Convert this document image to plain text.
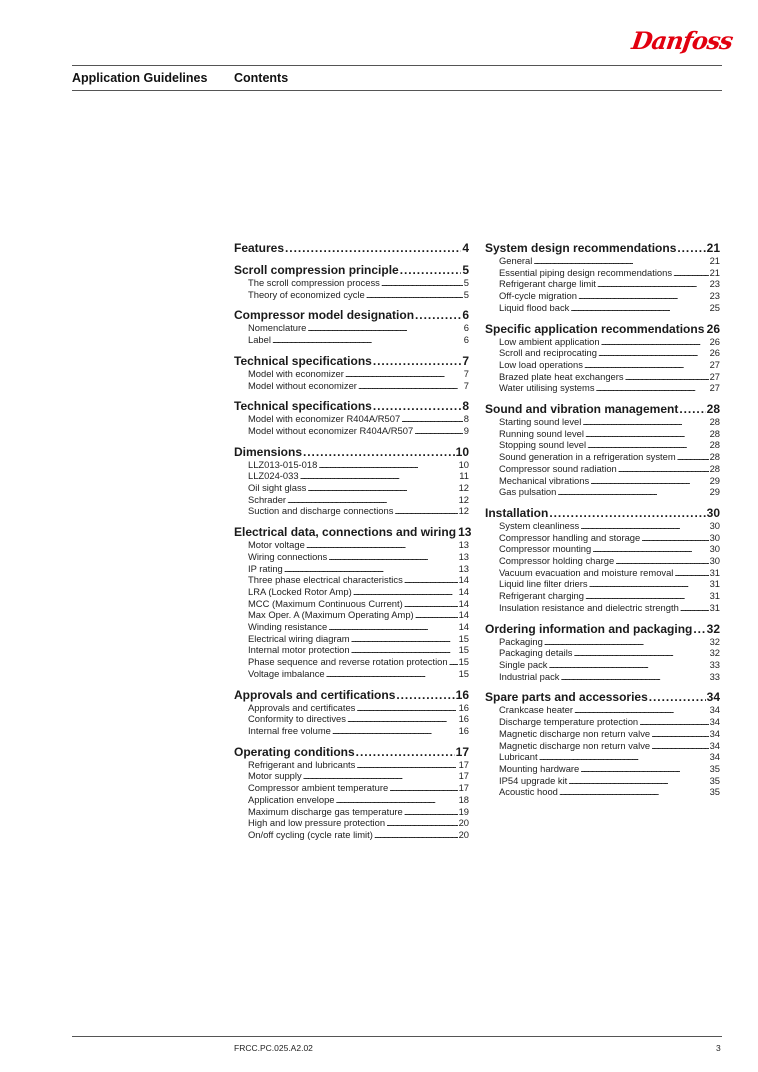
Danfoss
Application Guidelines Contents
Features . . .	4
Scroll compression principle . . .	5
The scroll compression process . . .	5
Theory of economized cycle . . .	5
Compressor model designation . . .	6
Nomenclature . . .	6
Label . . .	6
Technical specifications . . .	7
Model with economizer . . .	7
Model without economizer . . .	7
Technical specifications . . .	8
Model with economizer R404A/R507 . . .	8
Model without economizer R404A/R507 . . .	9
Dimensions . . .	10
LLZ013-015-018 . . .	10
LLZ024-033 . . .	11
Oil sight glass . . .	12
Schrader . . .	12
Suction and discharge connections . . .	12
Electrical data, connections and wiring 13
Motor voltage . . .	13
Wiring connections . . .	13
IP rating . . .	13
Three phase electrical characteristics . . .	14
LRA (Locked Rotor Amp) . . .	14
MCC (Maximum Continuous Current) . . .	14
Max Oper. A (Maximum Operating Amp) . . .	14
Winding resistance . . .	14
Electrical wiring diagram . . .	15
Internal motor protection . . .	15
Phase sequence and reverse rotation protection . . . 15
Voltage imbalance . . .	15
Approvals and certifications . . .	16
Approvals and certificates . . .	16
Conformity to directives . . .	16
Internal free volume . . .	16
Operating conditions . . .	17
Refrigerant and lubricants . . .	17
Motor supply . . .	17
Compressor ambient temperature . . .	17
Application envelope . . .	18
Maximum discharge gas temperature . . .	19
High and low pressure protection . . .	20
On/off cycling (cycle rate limit) . . .	20
System design recommendations . . .	21
General . . .	21
Essential piping design recommendations . . .	21
Refrigerant charge limit . . .	23
Off-cycle migration . . .	23
Liquid flood back . . .	25
Specific application recommendations . . . 26
Low ambient application . . .	26
Scroll and reciprocating . . .	26
Low load operations . . .	27
Brazed plate heat exchangers . . .	27
Water utilising systems . . .	27
Sound and vibration management . . . 28
Starting sound level . . .	28
Running sound level . . .	28
Stopping sound level . . .	28
Sound generation in a refrigeration system . . .	28
Compressor sound radiation . . .	28
Mechanical vibrations . . .	29
Gas pulsation . . .	29
Installation . . .	30
System cleanliness . . .	30
Compressor handling and storage . . .	30
Compressor mounting . . .	30
Compressor holding charge . . .	30
Vacuum evacuation and moisture removal . . .	31
Liquid line filter driers . . .	31
Refrigerant charging . . .	31
Insulation resistance and dielectric strength . . .	31
Ordering information and packaging . . . 32
Packaging . . .	32
Packaging details . . .	32
Single pack . . .	33
Industrial pack . . .	33
Spare parts and accessories . . .	34
Crankcase heater . . .	34
Discharge temperature protection . . .	34
Magnetic discharge non return valve . . .	34
Magnetic discharge non return valve . . .	34
Lubricant . . .	34
Mounting hardware . . .	35
IP54 upgrade kit . . .	35
Acoustic hood . . .	35
FRCC.PC.025.A2.02	3
